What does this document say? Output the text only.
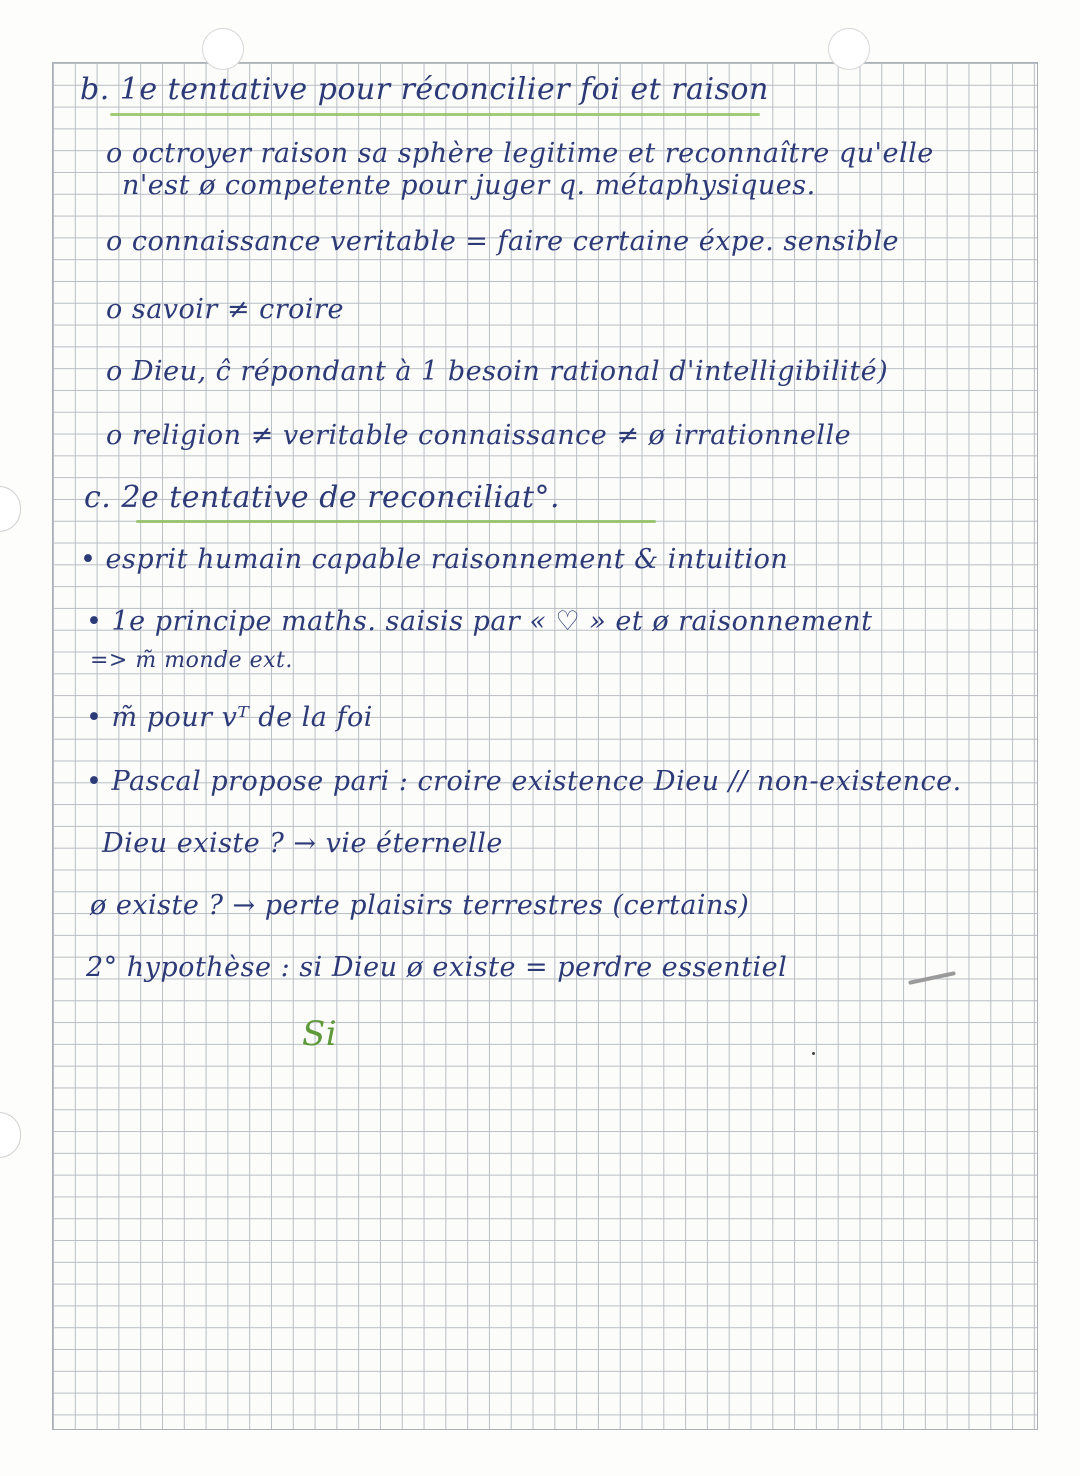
b. 1e tentative pour réconcilier foi et raison
o octroyer raison sa sphère legitime et reconnaître qu'elle
n'est ø competente pour juger q. métaphysiques.
o connaissance veritable = faire certaine éxpe. sensible
o savoir ≠ croire
o Dieu, ĉ répondant à 1 besoin rational d'intelligibilité)
o religion ≠ veritable connaissance ≠ ø irrationnelle
c. 2e tentative de reconciliat°.
• esprit humain capable raisonnement & intuition
• 1e principe maths. saisis par « ♡ » et ø raisonnement
=> m̃ monde ext.
• m̃ pour vᵀ de la foi
• Pascal propose pari : croire existence Dieu // non-existence.
Dieu existe ? → vie éternelle
ø existe ? → perte plaisirs terrestres (certains)
2° hypothèse : si Dieu ø existe = perdre essentiel
Si
